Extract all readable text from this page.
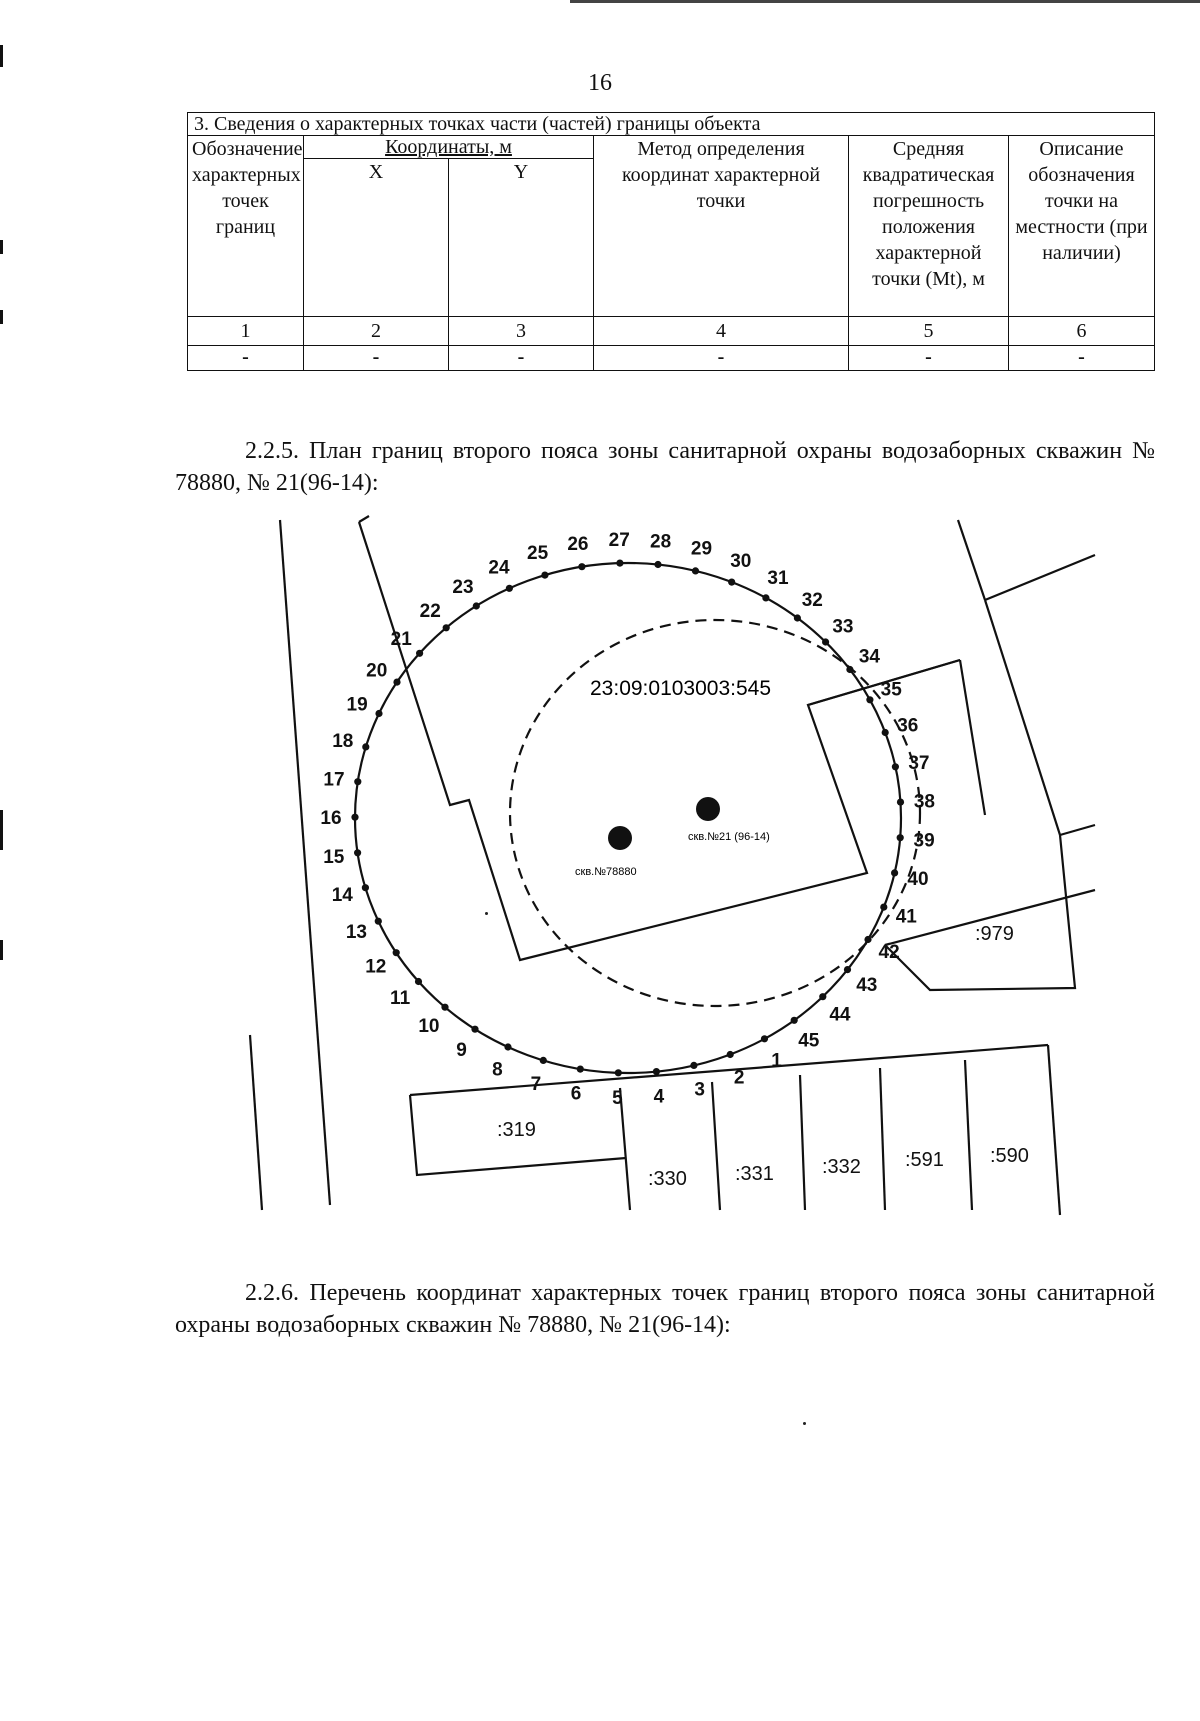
16
3. Сведения о характерных точках части (частей) границы объекта					
Обозначение характерных точек границ	Координаты, м		Метод определения координат характерной точки	Средняя квадратическая погрешность положения характерной точки (Mt), м	Описание обозначения точки на местности (при наличии)
	X	Y			
1	2	3	4	5	6
-	-	-	-	-	-
2.2.5. План границ второго пояса зоны санитарной охраны водозаборных скважин № 78880, № 21(96-14):
1
2
3
4
5
6
7
8
9
10
11
12
13
14
15
16
17
18
19
20
21
22
23
24
25 26 27 28 29
30
31
32
33
34
35
36
37
38
39
40
41
42
43
44
45
скв.№78880
скв.№21 (96-14)
23:09:0103003:545
:979
:319
:330 :331 :332 :591 :590
2.2.6. Перечень координат характерных точек границ второго пояса зоны санитарной охраны водозаборных скважин № 78880, № 21(96-14):
